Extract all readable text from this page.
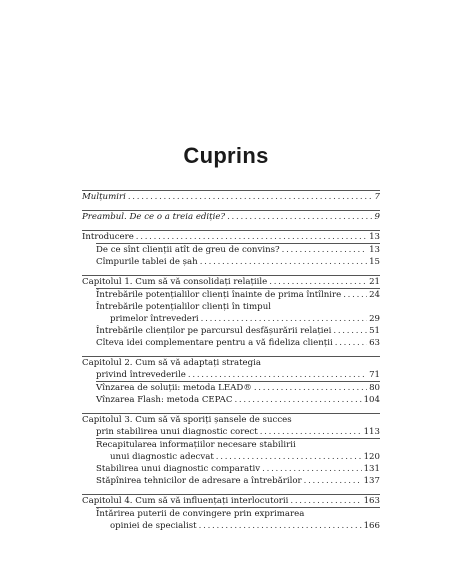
Cuprins
Mulțumiri . . .	7
Preambul. De ce o a treia ediție? . . .	9
Introducere . . .	13
De ce sînt clienții atît de greu de convins? . . .	13
Cîmpurile tablei de șah . . .	15
Capitolul 1. Cum să vă consolidați relațiile . . .	21
Întrebările potențialilor clienți înainte de prima întîlnire . . .	24
Întrebările potențialilor clienți în timpul
primelor întrevederi . . .	29
Întrebările clienților pe parcursul desfășurării relației . . .	51
Cîteva idei complementare pentru a vă fideliza clienții . . .	63
Capitolul 2. Cum să vă adaptați strategia
privind întrevederile . . .	71
Vînzarea de soluții: metoda LEAD® . . .	80
Vînzarea Flash: metoda CEPAC . . .	104
Capitolul 3. Cum să vă sporiți șansele de succes
prin stabilirea unui diagnostic corect . . .	113
Recapitularea informațiilor necesare stabilirii
unui diagnostic adecvat . . .	120
Stabilirea unui diagnostic comparativ . . .	131
Stăpînirea tehnicilor de adresare a întrebărilor . . .	137
Capitolul 4. Cum să vă influențați interlocutorii . . .	163
Întărirea puterii de convingere prin exprimarea
opiniei de specialist . . .	166
